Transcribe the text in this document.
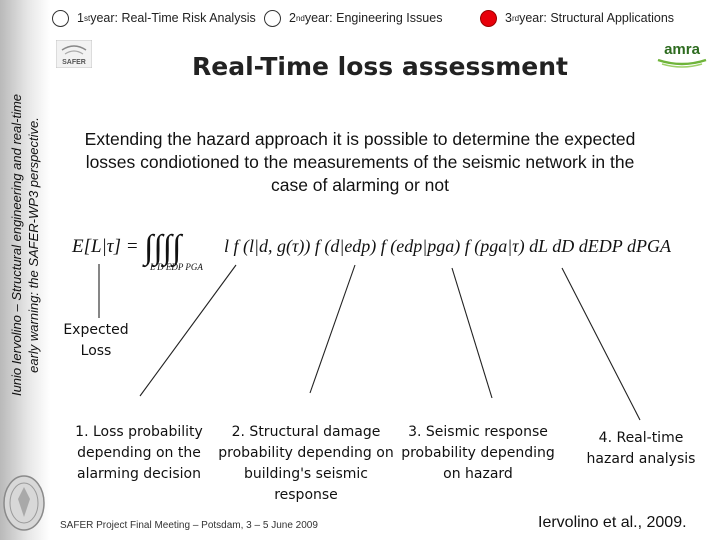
Iunio Iervolino – Structural engineering and real-time early warning: the SAFER-WP3 perspective.
1 st year: Real-Time Risk Analysis	2 nd year: Engineering Issues	3 rd year: Structural Applications
SAFER
amra
Real-Time loss assessment
Extending the hazard approach it is possible to determine the expected losses condiotioned to the measurements of the seismic network in the case of alarming or not
E[L|τ] = ∫∫∫∫
L D EDP PGA
l f (l|d, g(τ)) f (d|edp) f (edp|pga) f (pga|τ) dL dD dEDP dPGA
Expected
Loss
1. Loss probability
depending on the
alarming decision
2. Structural damage
probability depending on
building's seismic
response
3. Seismic response
probability depending
on hazard
4. Real-time
hazard analysis
SAFER Project Final Meeting – Potsdam, 3 – 5 June 2009	Iervolino et al., 2009.
